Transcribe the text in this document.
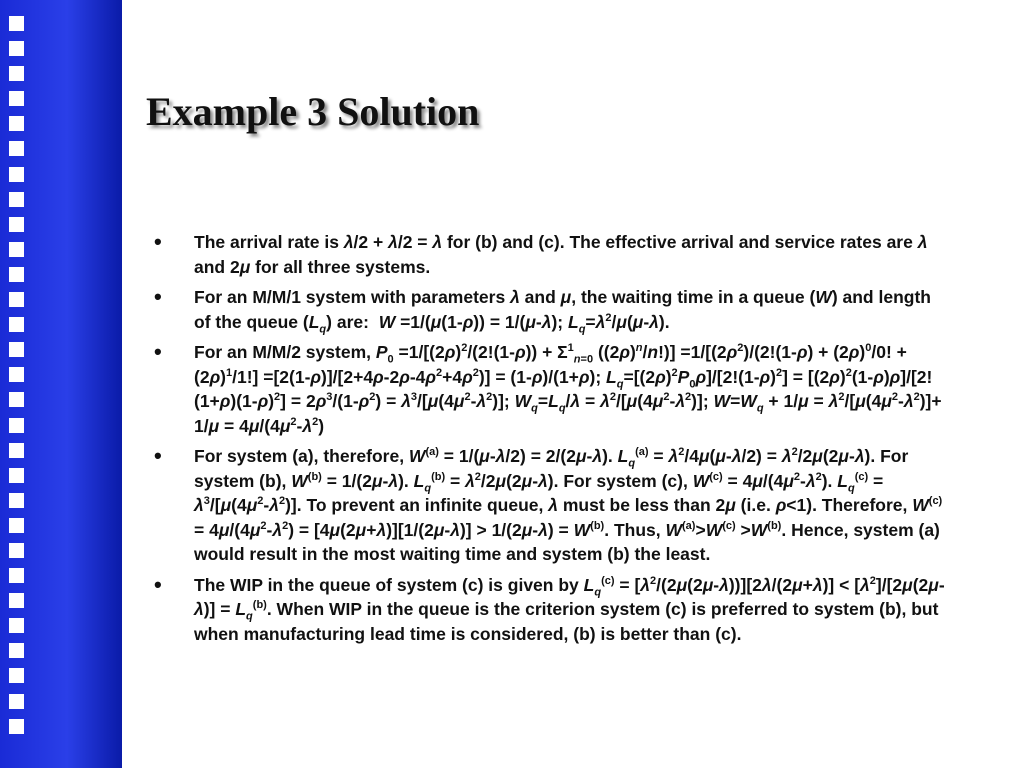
Example 3 Solution
• The arrival rate is λ/2 + λ/2 = λ for (b) and (c). The effective arrival and service rates are λ and 2μ for all three systems.
• For an M/M/1 system with parameters λ and μ, the waiting time in a queue (W) and length of the queue $(L_q)$ are:  W =1/(μ(1-ρ)) = 1/(μ-λ); $L_q=\lambda^2/\mu(\mu-\lambda)$.
• For an M/M/2 system, $P_0 =1/[(2\rho)^2/(2!(1-\rho)) + \Sigma^1_{n=0}$ $((2\rho)^n/n!)] =1/[(2\rho^2)/(2!(1-\rho) + (2\rho)^0/0$! + $(2\rho)^1/1!] =[2(1-\rho)]/[2+4\rho-2\rho-4\rho^2+4\rho^2)] = (1-\rho)/(1+\rho)$; $L_q=[(2\rho)^2P_0\rho]/[2!(1-\rho)^2] = [(2\rho)^2(1-\rho)\rho]/[2!(1+\rho)(1-\rho)^2] = 2\rho^3/(1-\rho^2) = \lambda^3/[\mu(4\mu^2-\lambda^2)]$; $W_q=L_q/\lambda = \lambda^2/[\mu(4\mu^2-\lambda^2)]$; $W=W_q + 1/\mu = \lambda^2/[\mu(4\mu^2-\lambda^2)]+ 1/\mu = 4\mu/(4\mu^2-\lambda^2)$
• For system (a), therefore, $W^{(a)} = 1/(\mu-\lambda/2) = 2/(2\mu-\lambda)$. $L_q^{(a)} = \lambda^2/4\mu(\mu-\lambda/2) = \lambda^2/2\mu(2\mu-\lambda)$. For system (b), $W^{(b)} = 1/(2\mu-\lambda)$. $L_q^{(b)} = \lambda^2/2\mu(2\mu-\lambda)$. For system (c), $W^{(c)} = 4\mu/(4\mu^2-\lambda^2)$. $L_q^{(c)} = \lambda^3/[\mu(4\mu^2-\lambda^2)]$. To prevent an infinite queue, λ must be less than 2μ (i.e. ρ<1). Therefore, $W^{(c)} = 4\mu/(4\mu^2-\lambda^2) = [4\mu(2\mu+\lambda)][1/(2\mu-\lambda)] > 1/(2\mu-\lambda) = W^{(b)}$. Thus, $W^{(a)}>W^{(c)} >W^{(b)}$. Hence, system (a) would result in the most waiting time and system (b) the least.
• The WIP in the queue of system (c) is given by $L_q^{(c)} = [\lambda^2/(2\mu(2\mu-\lambda))][2\lambda/(2\mu+\lambda)] < [\lambda^2]/[2\mu(2\mu-\lambda)] = L_q^{(b)}$. When WIP in the queue is the criterion system (c) is preferred to system (b), but when manufacturing lead time is considered, (b) is better than (c).
